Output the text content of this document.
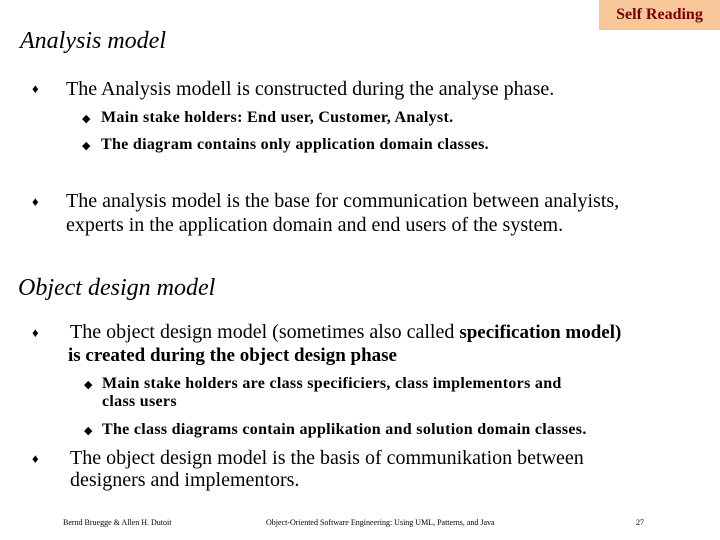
Self Reading
Analysis model
♦ The Analysis modell is constructed during the analyse phase.
◆ Main stake holders: End user, Customer, Analyst.
◆ The diagram contains only application domain classes.
♦ The analysis model is the base for communication between analyists,
experts in the application domain and end users of the system.
Object design model
♦ The object design model (sometimes also called specification model)
is created during the object design phase
◆ Main stake holders are class specificiers, class implementors and
class users
◆ The class diagrams contain applikation and solution domain classes.
♦ The object design model is the basis of communikation between
designers and implementors.
Bernd Bruegge & Allen H. Dutoit	Object-Oriented Software Engineering: Using UML, Patterns, and Java	27
